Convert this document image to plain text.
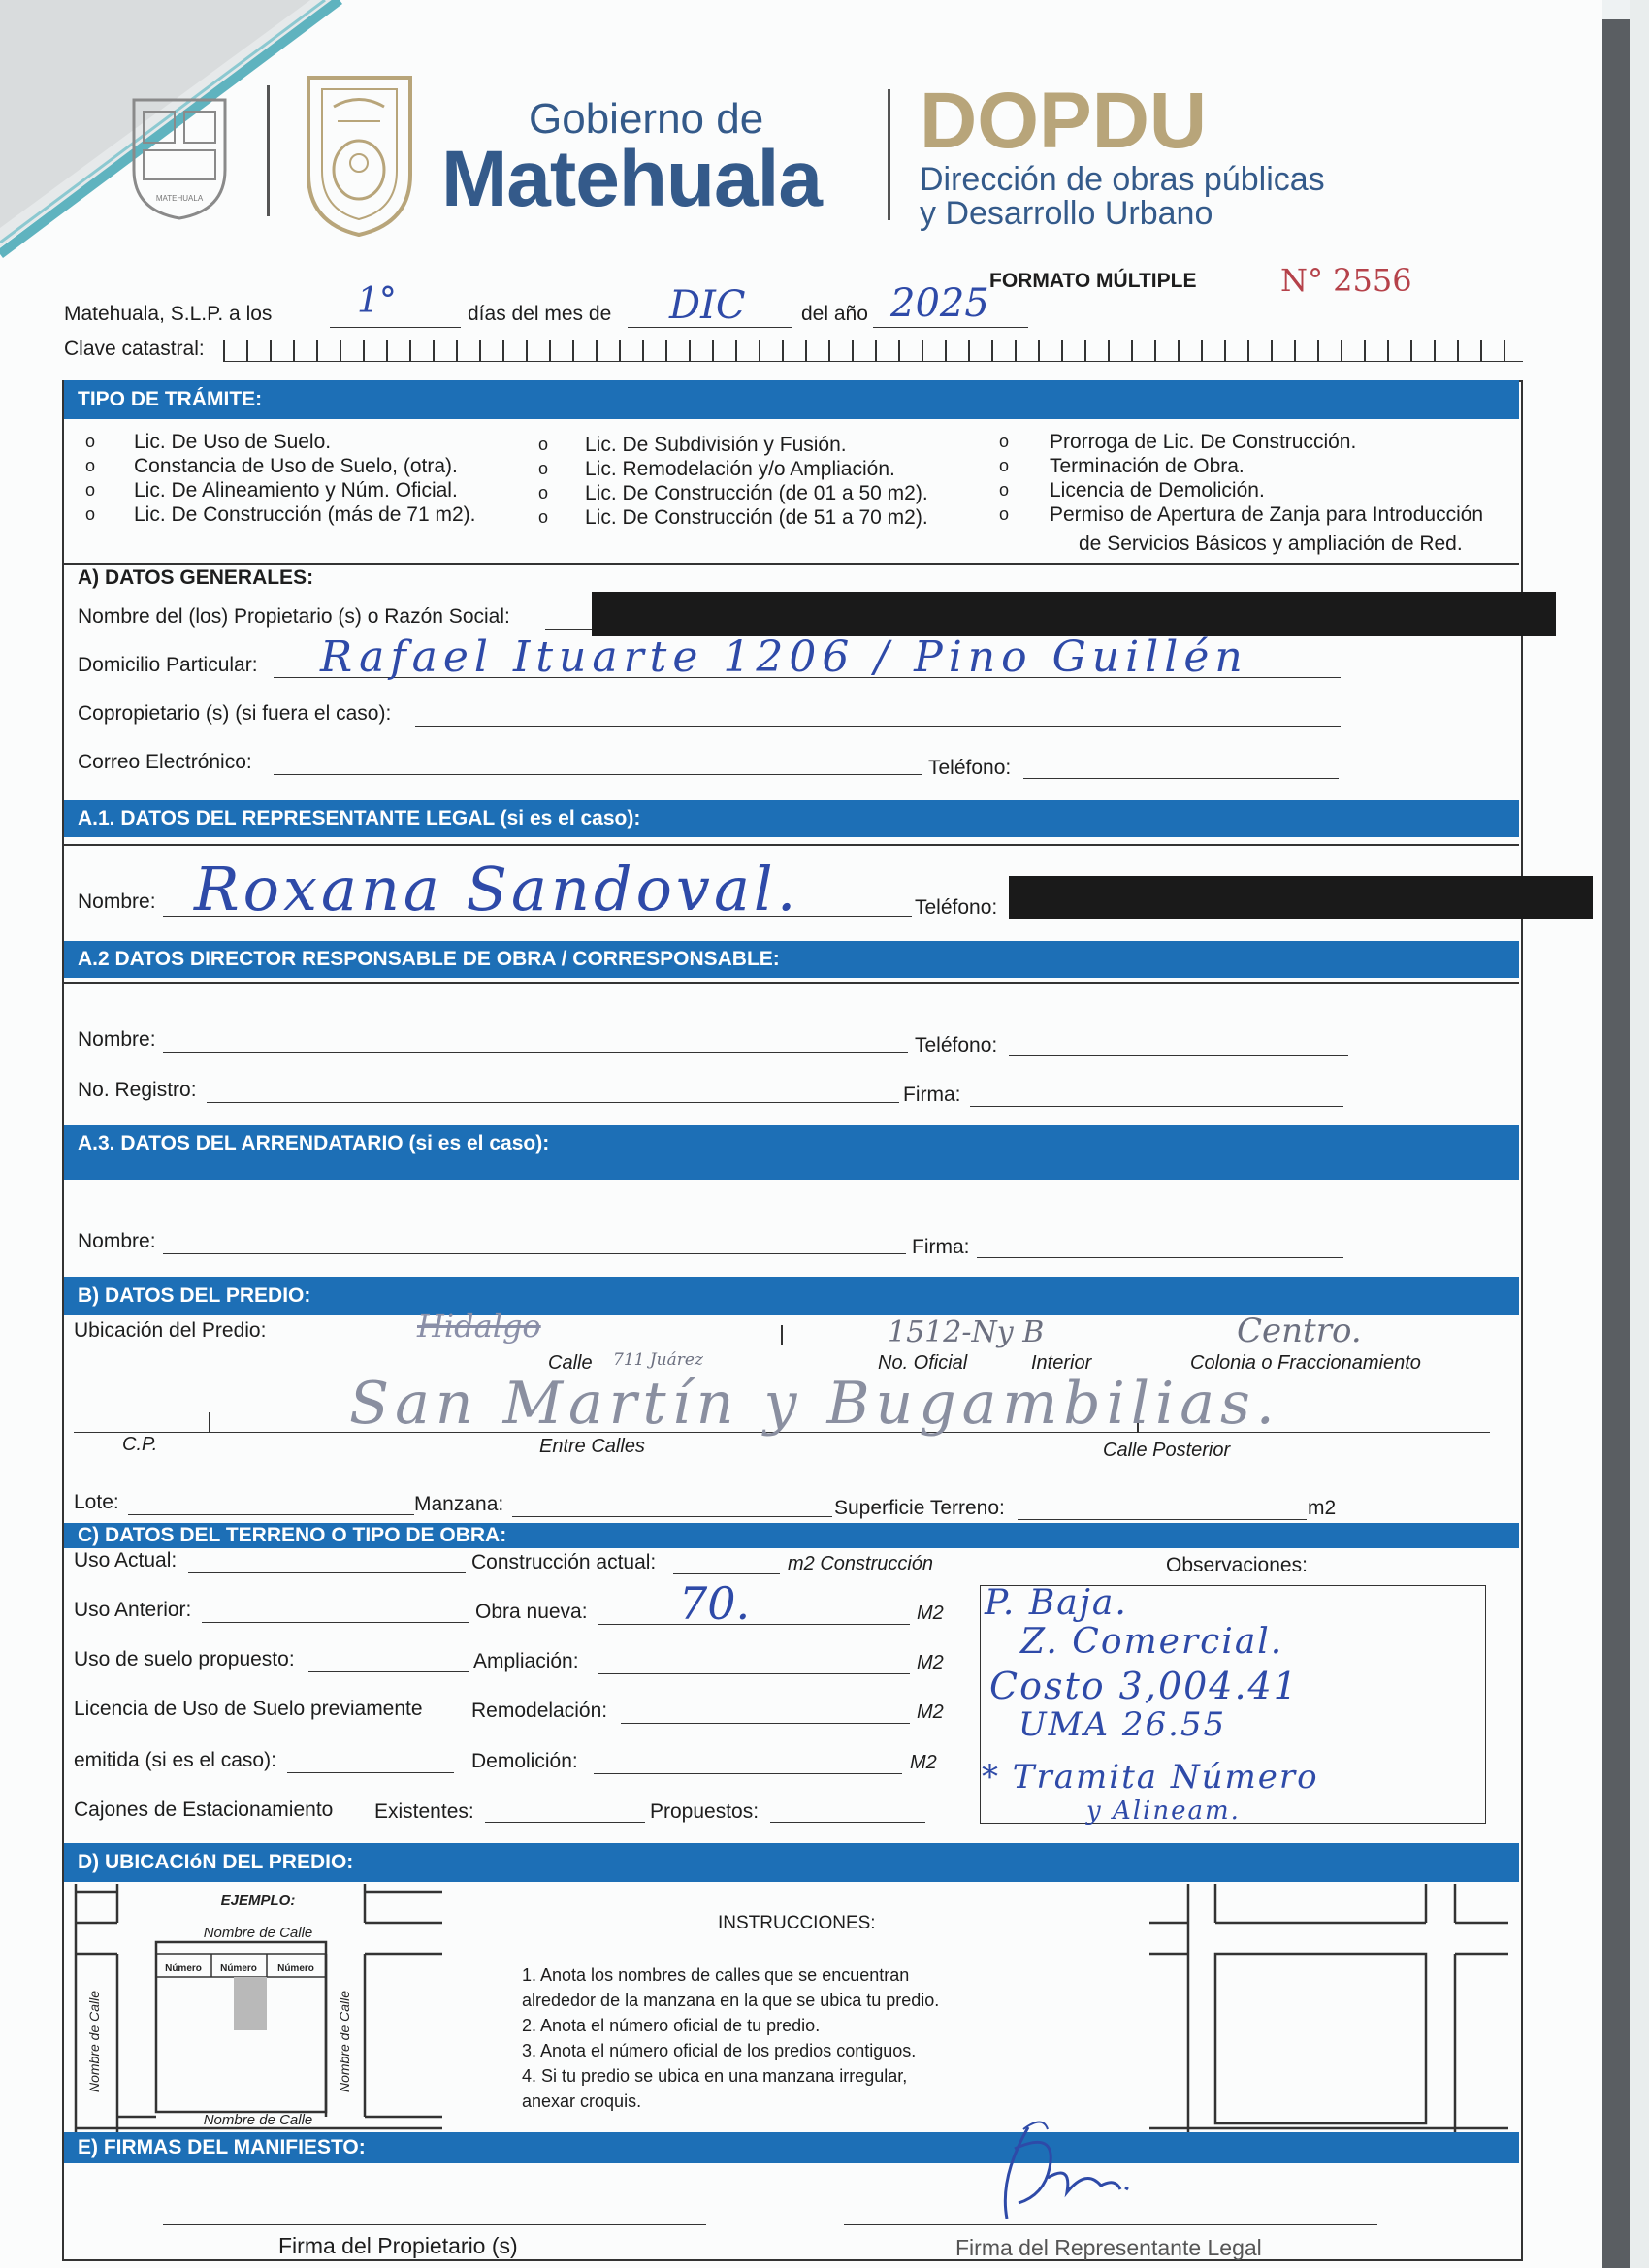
MATEHUALA
Gobierno de
Matehuala
DOPDU
Dirección de obras públicas
y Desarrollo Urbano
FORMATO MÚLTIPLE	N° 2556
Matehuala, S.L.P. a los 1°	días del mes de DIC	del año 2025
Clave catastral:
TIPO DE TRÁMITE:
o
o
o
o
Lic. De Uso de Suelo.
Constancia de Uso de Suelo, (otra).
Lic. De Alineamiento y Núm. Oficial.
Lic. De Construcción (más de 71 m2).
o
o
o
o
Lic. De Subdivisión y Fusión.
Lic. Remodelación y/o Ampliación.
Lic. De Construcción (de 01 a 50 m2).
Lic. De Construcción (de 51 a 70 m2).
o
o
o
o
Prorroga de Lic. De Construcción.
Terminación de Obra.
Licencia de Demolición.
Permiso de Apertura de Zanja para Introducción
de Servicios Básicos y ampliación de Red.
A) DATOS GENERALES:
Nombre del (los) Propietario (s) o Razón Social:
Domicilio Particular: Rafael Ituarte 1206 / Pino Guillén
Copropietario (s) (si fuera el caso):
Correo Electrónico:	Teléfono:
A.1. DATOS DEL REPRESENTANTE LEGAL (si es el caso):
Nombre: Roxana Sandoval.	Teléfono:
A.2 DATOS DIRECTOR RESPONSABLE DE OBRA / CORRESPONSABLE:
Nombre:	Teléfono:
No. Registro:	Firma:
A.3. DATOS DEL ARRENDATARIO (si es el caso):
Nombre:	Firma:
B) DATOS DEL PREDIO:
Ubicación del Predio:	Hidalgo
711 Juárez
1512-Ny B	Centro.
Calle	No. Oficial	Interior	Colonia o Fraccionamiento
San Martín y Bugambilias.
C.P.	Entre Calles	Calle Posterior
Lote:	Manzana:	Superficie Terreno:	m2
C) DATOS DEL TERRENO O TIPO DE OBRA:
Uso Actual:	Construcción actual:	m2 Construcción	Observaciones:
Uso Anterior:	Obra nueva: 70.	M2
Uso de suelo propuesto:	Ampliación:	M2
Licencia de Uso de Suelo previamente Remodelación:	M2
emitida (si es el caso):	Demolición:	M2
Cajones de Estacionamiento Existentes:	Propuestos:
P. Baja.
Z. Comercial.
Costo 3,004.41
UMA 26.55
* Tramita Número
y Alineam.
D) UBICACIóN DEL PREDIO:
EJEMPLO:
Nombre de Calle
Nombre de Calle
Número Número Número
Nombre de Calle	Nombre de Calle
INSTRUCCIONES:
1. Anota los nombres de calles que se encuentran
alrededor de la manzana en la que se ubica tu predio.
2. Anota el número oficial de tu predio.
3. Anota el número oficial de los predios contiguos.
4. Si tu predio se ubica en una manzana irregular,
anexar croquis.
E) FIRMAS DEL MANIFIESTO:
Firma del Propietario (s)	Firma del Representante Legal
